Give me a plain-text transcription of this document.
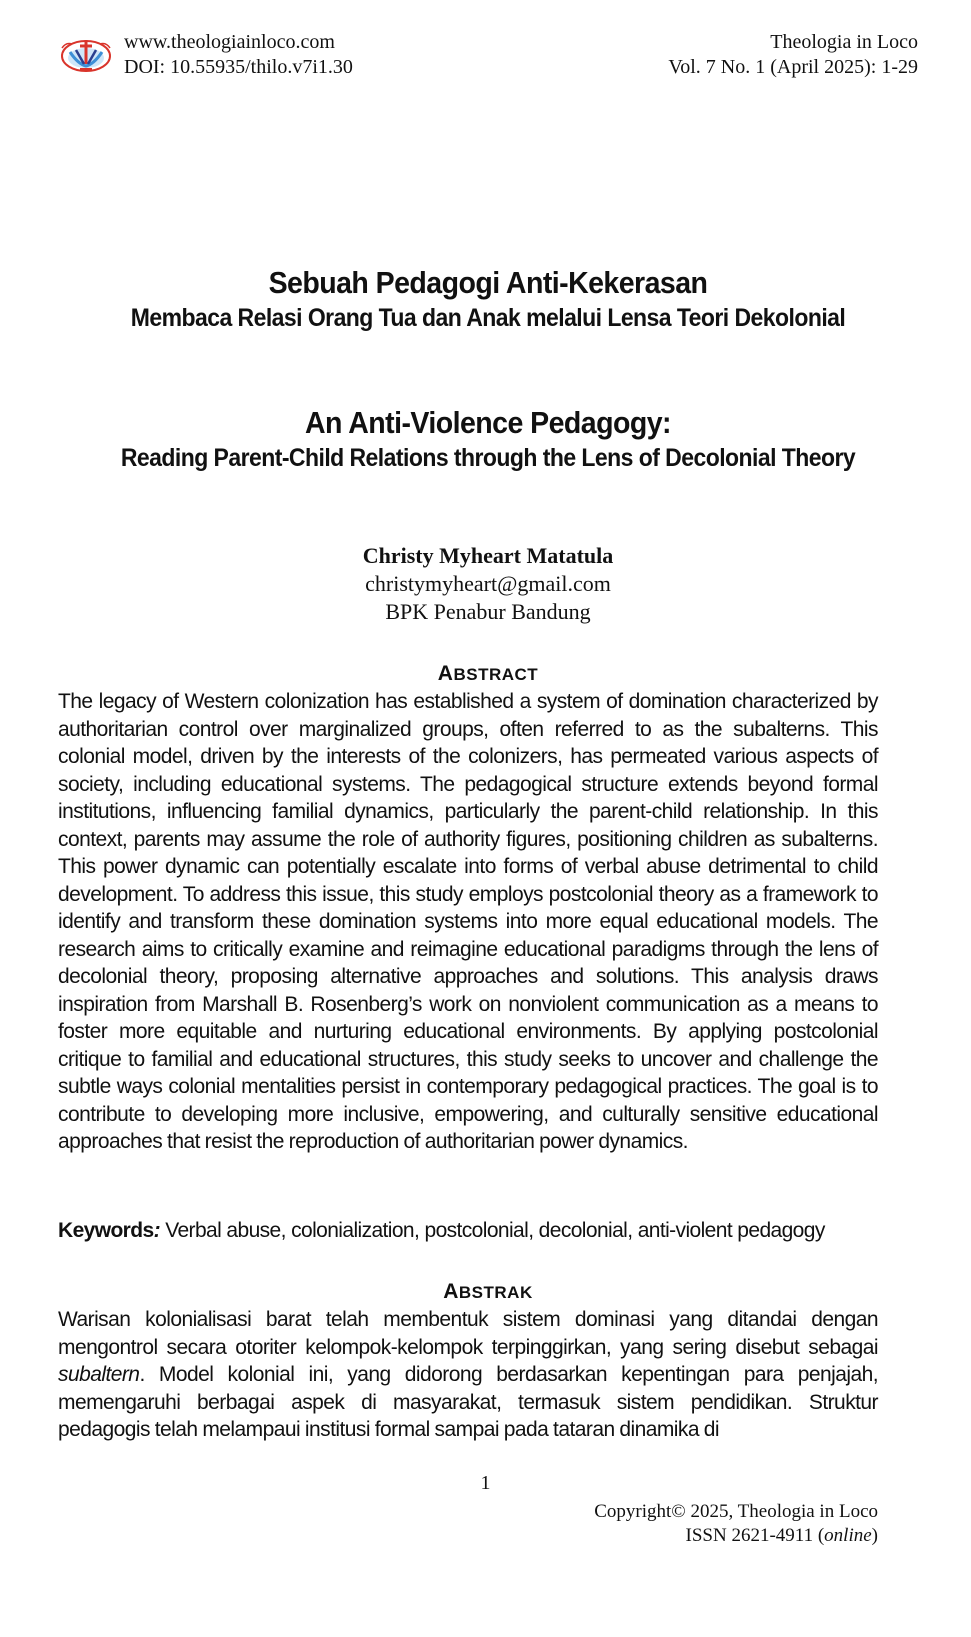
www.theologiainloco.com
DOI: 10.55935/thilo.v7i1.30
Theologia in Loco
Vol. 7 No. 1 (April 2025): 1-29
Sebuah Pedagogi Anti-Kekerasan
Membaca Relasi Orang Tua dan Anak melalui Lensa Teori Dekolonial
An Anti-Violence Pedagogy:
Reading Parent-Child Relations through the Lens of Decolonial Theory
Christy Myheart Matatula
christymyheart@gmail.com
BPK Penabur Bandung
ABSTRACT
The legacy of Western colonization has established a system of domination characterized by authoritarian control over marginalized groups, often referred to as the subalterns. This colonial model, driven by the interests of the colonizers, has permeated various aspects of society, including educational systems. The pedagogical structure extends beyond formal institutions, influencing familial dynamics, particularly the parent-child relationship. In this context, parents may assume the role of authority figures, positioning children as subalterns. This power dynamic can potentially escalate into forms of verbal abuse detrimental to child development. To address this issue, this study employs postcolonial theory as a framework to identify and transform these domination systems into more equal educational models. The research aims to critically examine and reimagine educational paradigms through the lens of decolonial theory, proposing alternative approaches and solutions. This analysis draws inspiration from Marshall B. Rosenberg’s work on nonviolent communication as a means to foster more equitable and nurturing educational environments. By applying postcolonial critique to familial and educational structures, this study seeks to uncover and challenge the subtle ways colonial mentalities persist in contemporary pedagogical practices. The goal is to contribute to developing more inclusive, empowering, and culturally sensitive educational approaches that resist the reproduction of authoritarian power dynamics.
Keywords: Verbal abuse, colonialization, postcolonial, decolonial, anti-violent pedagogy
ABSTRAK
Warisan kolonialisasi barat telah membentuk sistem dominasi yang ditandai dengan mengontrol secara otoriter kelompok-kelompok terpinggirkan, yang sering disebut sebagai subaltern. Model kolonial ini, yang didorong berdasarkan kepentingan para penjajah, memengaruhi berbagai aspek di masyarakat, termasuk sistem pendidikan. Struktur pedagogis telah melampaui institusi formal sampai pada tataran dinamika di
1
Copyright© 2025, Theologia in Loco
ISSN 2621-4911 (online)
